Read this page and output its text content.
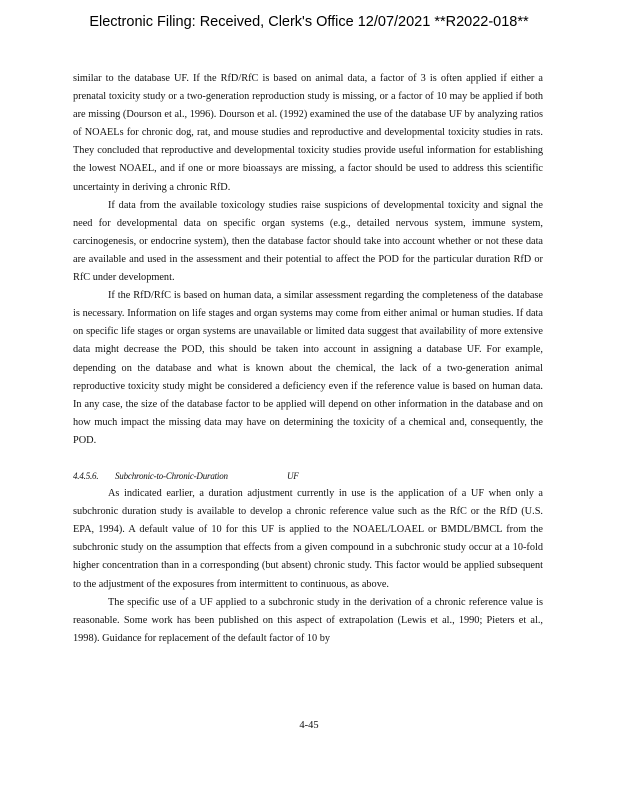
Electronic Filing: Received, Clerk's Office 12/07/2021 **R2022-018**

similar to the database UF. If the RfD/RfC is based on animal data, a factor of 3 is often applied if either a prenatal toxicity study or a two-generation reproduction study is missing, or a factor of 10 may be applied if both are missing (Dourson et al., 1996). Dourson et al. (1992) examined the use of the database UF by analyzing ratios of NOAELs for chronic dog, rat, and mouse studies and reproductive and developmental toxicity studies in rats. They concluded that reproductive and developmental toxicity studies provide useful information for establishing the lowest NOAEL, and if one or more bioassays are missing, a factor should be used to address this scientific uncertainty in deriving a chronic RfD.

If data from the available toxicology studies raise suspicions of developmental toxicity and signal the need for developmental data on specific organ systems (e.g., detailed nervous system, immune system, carcinogenesis, or endocrine system), then the database factor should take into account whether or not these data are available and used in the assessment and their potential to affect the POD for the particular duration RfD or RfC under development.

If the RfD/RfC is based on human data, a similar assessment regarding the completeness of the database is necessary. Information on life stages and organ systems may come from either animal or human studies. If data on specific life stages or organ systems are unavailable or limited data suggest that availability of more extensive data might decrease the POD, this should be taken into account in assigning a database UF. For example, depending on the database and what is known about the chemical, the lack of a two-generation animal reproductive toxicity study might be considered a deficiency even if the reference value is based on human data. In any case, the size of the database factor to be applied will depend on other information in the database and on how much impact the missing data may have on determining the toxicity of a chemical and, consequently, the POD.

4.4.5.6. Subchronic-to-Chronic-Duration	UF

As indicated earlier, a duration adjustment currently in use is the application of a UF when only a subchronic duration study is available to develop a chronic reference value such as the RfC or the RfD (U.S. EPA, 1994). A default value of 10 for this UF is applied to the NOAEL/LOAEL or BMDL/BMCL from the subchronic study on the assumption that effects from a given compound in a subchronic study occur at a 10-fold higher concentration than in a corresponding (but absent) chronic study. This factor would be applied subsequent to the adjustment of the exposures from intermittent to continuous, as above.

The specific use of a UF applied to a subchronic study in the derivation of a chronic reference value is reasonable. Some work has been published on this aspect of extrapolation (Lewis et al., 1990; Pieters et al., 1998). Guidance for replacement of the default factor of 10 by

4-45
